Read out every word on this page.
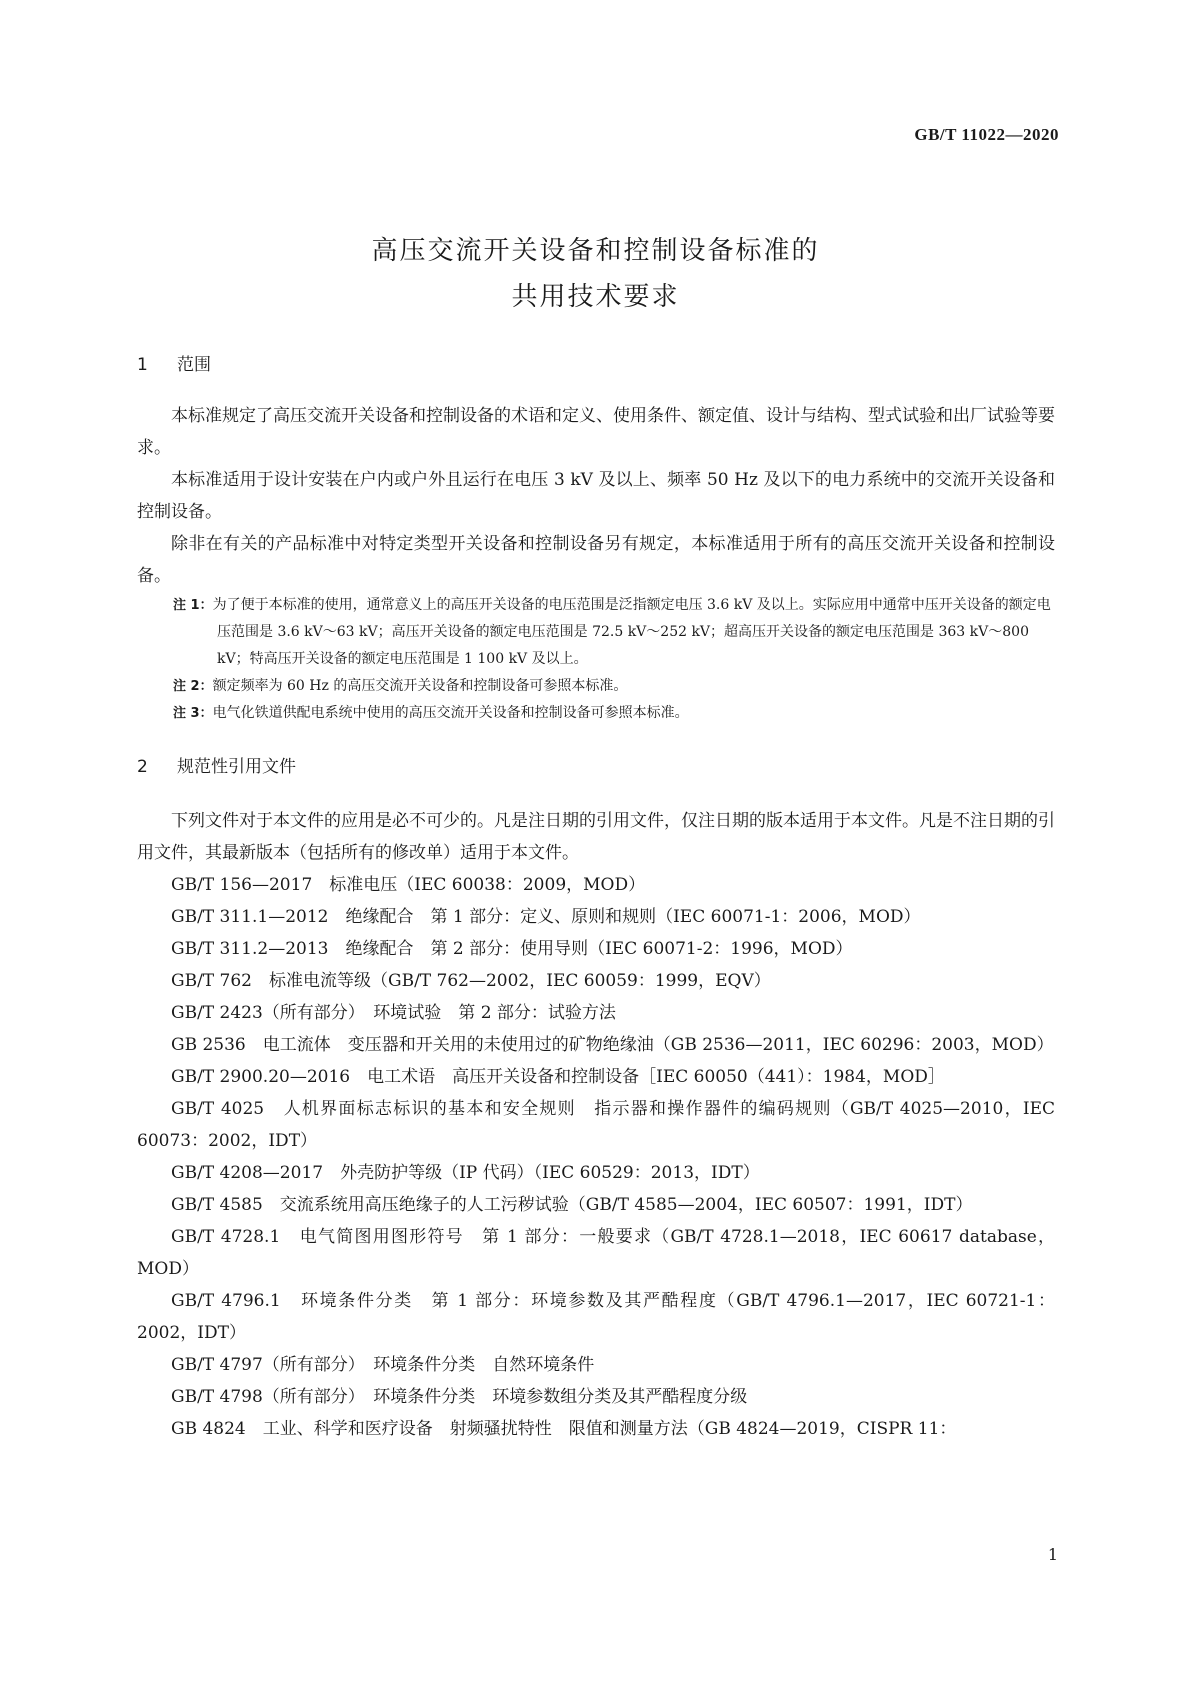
GB/T 11022—2020
高压交流开关设备和控制设备标准的
共用技术要求
1 范围

本标准规定了高压交流开关设备和控制设备的术语和定义、使用条件、额定值、设计与结构、型式试验和出厂试验等要求。

本标准适用于设计安装在户内或户外且运行在电压 3 kV 及以上、频率 50 Hz 及以下的电力系统中的交流开关设备和控制设备。

除非在有关的产品标准中对特定类型开关设备和控制设备另有规定，本标准适用于所有的高压交流开关设备和控制设备。

注 1：为了便于本标准的使用，通常意义上的高压开关设备的电压范围是泛指额定电压 3.6 kV 及以上。实际应用中通常中压开关设备的额定电压范围是 3.6 kV～63 kV；高压开关设备的额定电压范围是 72.5 kV～252 kV；超高压开关设备的额定电压范围是 363 kV～800 kV；特高压开关设备的额定电压范围是 1 100 kV 及以上。
注 2：额定频率为 60 Hz 的高压交流开关设备和控制设备可参照本标准。
注 3：电气化铁道供配电系统中使用的高压交流开关设备和控制设备可参照本标准。
2 规范性引用文件

下列文件对于本文件的应用是必不可少的。凡是注日期的引用文件，仅注日期的版本适用于本文件。凡是不注日期的引用文件，其最新版本（包括所有的修改单）适用于本文件。

GB/T 156—2017　标准电压（IEC 60038：2009，MOD）

GB/T 311.1—2012　绝缘配合　第 1 部分：定义、原则和规则（IEC 60071-1：2006，MOD）

GB/T 311.2—2013　绝缘配合　第 2 部分：使用导则（IEC 60071-2：1996，MOD）

GB/T 762　标准电流等级（GB/T 762—2002，IEC 60059：1999，EQV）

GB/T 2423（所有部分）　环境试验　第 2 部分：试验方法

GB 2536　电工流体　变压器和开关用的未使用过的矿物绝缘油（GB 2536—2011，IEC 60296：2003，MOD）

GB/T 2900.20—2016　电工术语　高压开关设备和控制设备［IEC 60050（441）：1984，MOD］

GB/T 4025　人机界面标志标识的基本和安全规则　指示器和操作器件的编码规则（GB/T 4025—2010，IEC 60073：2002，IDT）

GB/T 4208—2017　外壳防护等级（IP 代码）（IEC 60529：2013，IDT）

GB/T 4585　交流系统用高压绝缘子的人工污秽试验（GB/T 4585—2004，IEC 60507：1991，IDT）

GB/T 4728.1　电气简图用图形符号　第 1 部分：一般要求（GB/T 4728.1—2018，IEC 60617 database，MOD）

GB/T 4796.1　环境条件分类　第 1 部分：环境参数及其严酷程度（GB/T 4796.1—2017，IEC 60721-1：2002，IDT）

GB/T 4797（所有部分）　环境条件分类　自然环境条件

GB/T 4798（所有部分）　环境条件分类　环境参数组分类及其严酷程度分级

GB 4824　工业、科学和医疗设备　射频骚扰特性　限值和测量方法（GB 4824—2019，CISPR 11：

1
